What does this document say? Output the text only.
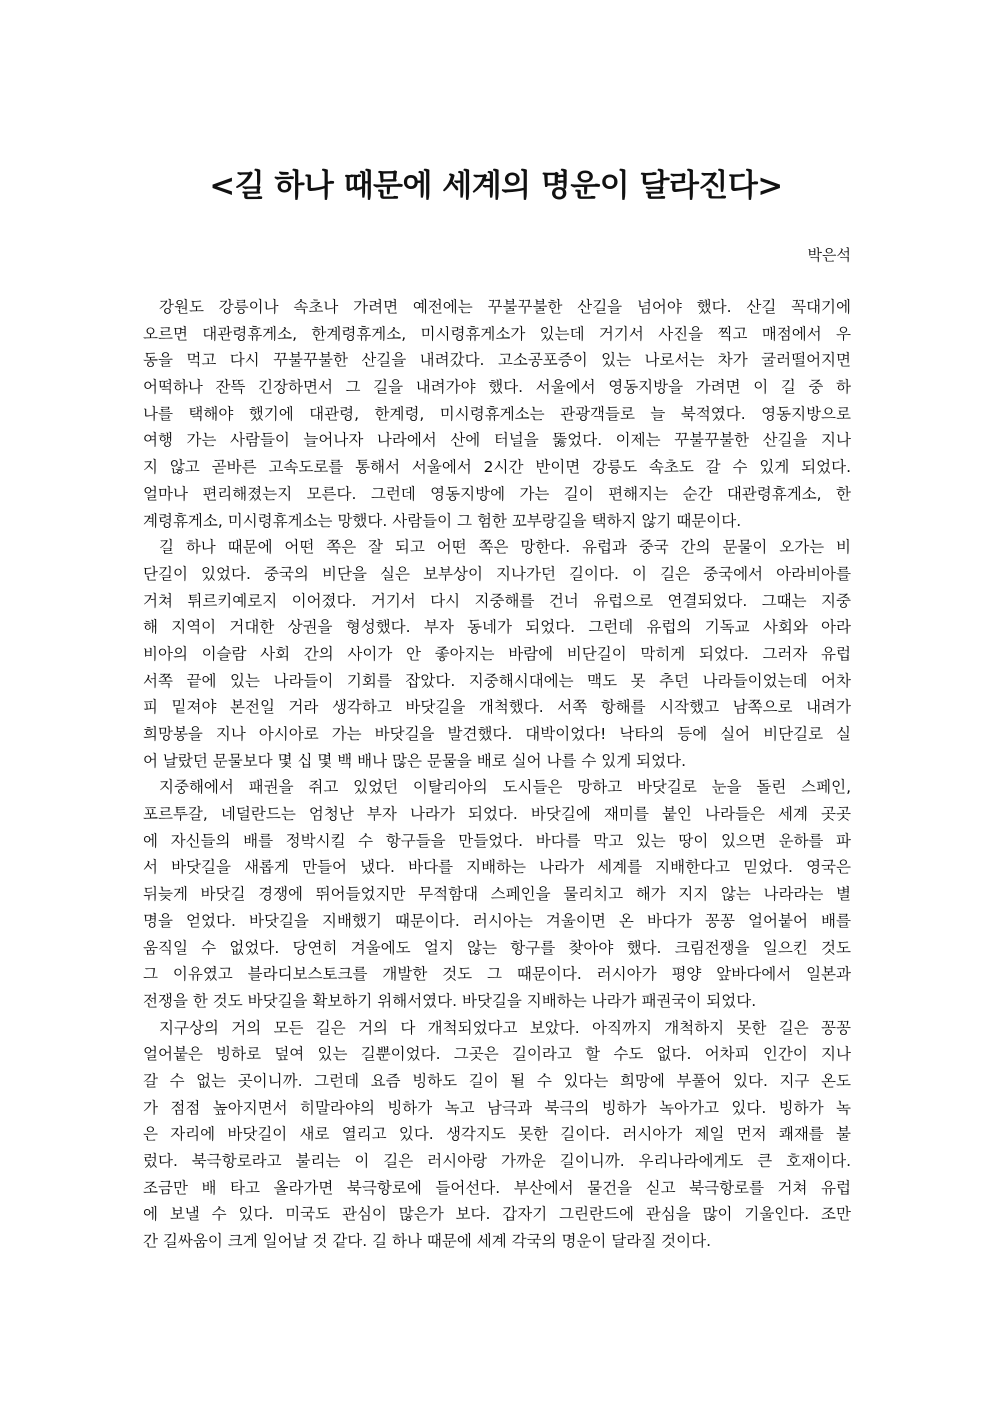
<길 하나 때문에 세계의 명운이 달라진다>
박은석
강원도 강릉이나 속초나 가려면 예전에는 꾸불꾸불한 산길을 넘어야 했다. 산길 꼭대기에
오르면 대관령휴게소, 한계령휴게소, 미시령휴게소가 있는데 거기서 사진을 찍고 매점에서 우
동을 먹고 다시 꾸불꾸불한 산길을 내려갔다. 고소공포증이 있는 나로서는 차가 굴러떨어지면
어떡하나 잔뜩 긴장하면서 그 길을 내려가야 했다. 서울에서 영동지방을 가려면 이 길 중 하
나를 택해야 했기에 대관령, 한계령, 미시령휴게소는 관광객들로 늘 북적였다. 영동지방으로
여행 가는 사람들이 늘어나자 나라에서 산에 터널을 뚫었다. 이제는 꾸불꾸불한 산길을 지나
지 않고 곧바른 고속도로를 통해서 서울에서 2시간 반이면 강릉도 속초도 갈 수 있게 되었다.
얼마나 편리해졌는지 모른다. 그런데 영동지방에 가는 길이 편해지는 순간 대관령휴게소, 한
계령휴게소, 미시령휴게소는 망했다. 사람들이 그 험한 꼬부랑길을 택하지 않기 때문이다.
길 하나 때문에 어떤 쪽은 잘 되고 어떤 쪽은 망한다. 유럽과 중국 간의 문물이 오가는 비
단길이 있었다. 중국의 비단을 실은 보부상이 지나가던 길이다. 이 길은 중국에서 아라비아를
거쳐 튀르키예로지 이어졌다. 거기서 다시 지중해를 건너 유럽으로 연결되었다. 그때는 지중
해 지역이 거대한 상권을 형성했다. 부자 동네가 되었다. 그런데 유럽의 기독교 사회와 아라
비아의 이슬람 사회 간의 사이가 안 좋아지는 바람에 비단길이 막히게 되었다. 그러자 유럽
서쪽 끝에 있는 나라들이 기회를 잡았다. 지중해시대에는 맥도 못 추던 나라들이었는데 어차
피 밑져야 본전일 거라 생각하고 바닷길을 개척했다. 서쪽 항해를 시작했고 남쪽으로 내려가
희망봉을 지나 아시아로 가는 바닷길을 발견했다. 대박이었다! 낙타의 등에 실어 비단길로 실
어 날랐던 문물보다 몇 십 몇 백 배나 많은 문물을 배로 실어 나를 수 있게 되었다.
지중해에서 패권을 쥐고 있었던 이탈리아의 도시들은 망하고 바닷길로 눈을 돌린 스페인,
포르투갈, 네덜란드는 엄청난 부자 나라가 되었다. 바닷길에 재미를 붙인 나라들은 세계 곳곳
에 자신들의 배를 정박시킬 수 항구들을 만들었다. 바다를 막고 있는 땅이 있으면 운하를 파
서 바닷길을 새롭게 만들어 냈다. 바다를 지배하는 나라가 세계를 지배한다고 믿었다. 영국은
뒤늦게 바닷길 경쟁에 뛰어들었지만 무적함대 스페인을 물리치고 해가 지지 않는 나라라는 별
명을 얻었다. 바닷길을 지배했기 때문이다. 러시아는 겨울이면 온 바다가 꽁꽁 얼어붙어 배를
움직일 수 없었다. 당연히 겨울에도 얼지 않는 항구를 찾아야 했다. 크림전쟁을 일으킨 것도
그 이유였고 블라디보스토크를 개발한 것도 그 때문이다. 러시아가 평양 앞바다에서 일본과
전쟁을 한 것도 바닷길을 확보하기 위해서였다. 바닷길을 지배하는 나라가 패권국이 되었다.
지구상의 거의 모든 길은 거의 다 개척되었다고 보았다. 아직까지 개척하지 못한 길은 꽁꽁
얼어붙은 빙하로 덮여 있는 길뿐이었다. 그곳은 길이라고 할 수도 없다. 어차피 인간이 지나
갈 수 없는 곳이니까. 그런데 요즘 빙하도 길이 될 수 있다는 희망에 부풀어 있다. 지구 온도
가 점점 높아지면서 히말라야의 빙하가 녹고 남극과 북극의 빙하가 녹아가고 있다. 빙하가 녹
은 자리에 바닷길이 새로 열리고 있다. 생각지도 못한 길이다. 러시아가 제일 먼저 쾌재를 불
렀다. 북극항로라고 불리는 이 길은 러시아랑 가까운 길이니까. 우리나라에게도 큰 호재이다.
조금만 배 타고 올라가면 북극항로에 들어선다. 부산에서 물건을 싣고 북극항로를 거쳐 유럽
에 보낼 수 있다. 미국도 관심이 많은가 보다. 갑자기 그린란드에 관심을 많이 기울인다. 조만
간 길싸움이 크게 일어날 것 같다. 길 하나 때문에 세계 각국의 명운이 달라질 것이다.
